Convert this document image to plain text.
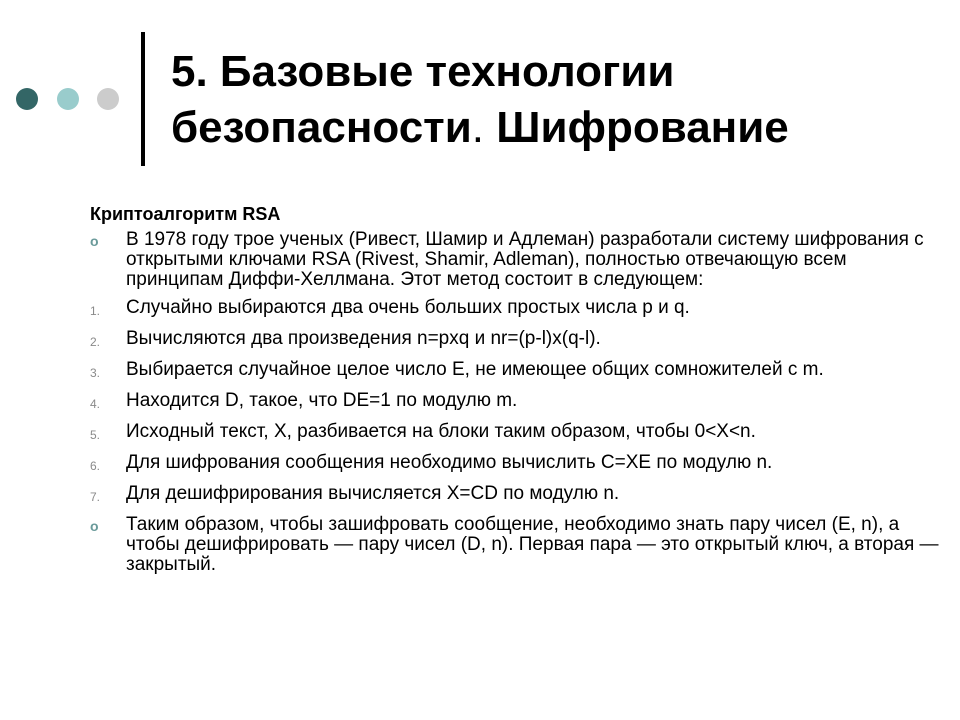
5. Базовые технологии
безопасности. Шифрование
Криптоалгоритм RSA
o	В 1978 году трое ученых (Ривест, Шамир и Адлеман) разработали систему шифрования с открытыми ключами RSA (Rivest, Shamir, Adleman), полностью отвечающую всем принципам Диффи-Хеллмана. Этот метод состоит в следующем:
1.	Случайно выбираются два очень больших простых числа р и q.
2.	Вычисляются два произведения n=pxq и nr=(p-l)x(q-l).
3.	Выбирается случайное целое число Е, не имеющее общих сомножителей с m.
4.	Находится D, такое, что DE=1 по модулю m.
5.	Исходный текст, X, разбивается на блоки таким образом, чтобы 0<X<n.
6.	Для шифрования сообщения необходимо вычислить C=XE по модулю n.
7.	Для дешифрирования вычисляется X=CD по модулю n.
o	Таким образом, чтобы зашифровать сообщение, необходимо знать пару чисел (Е, n), а чтобы дешифрировать — пару чисел (D, n). Первая пара — это открытый ключ, а вторая — закрытый.
